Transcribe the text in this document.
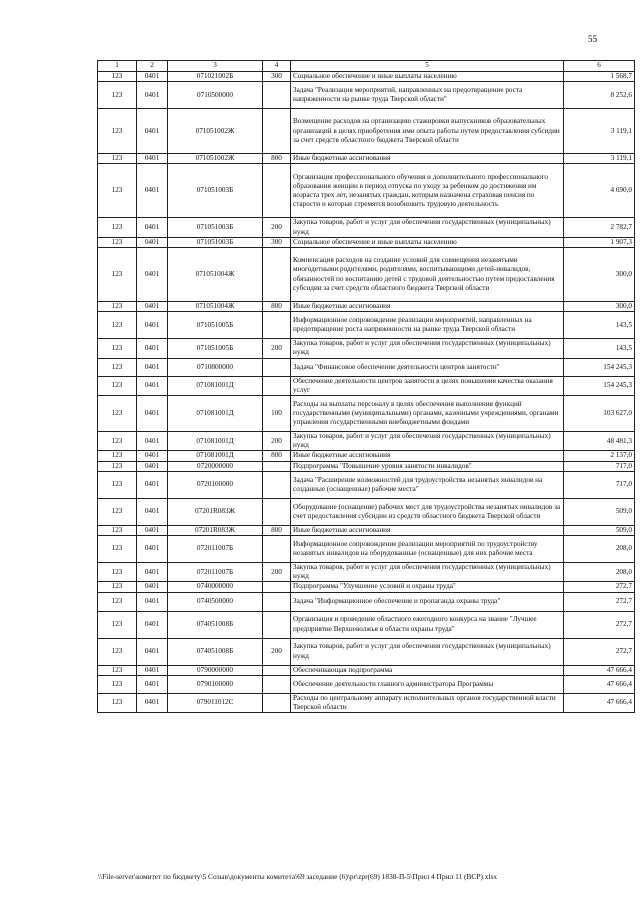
55
1	2	3	4	5	6
123	0401	071021002Б	300	Социальное обеспечение и иные выплаты населению	1 568,7
123	0401	0710500000		Задача "Реализация мероприятий, направленных на предотвращение роста напряженности на рынке труда Тверской области"	8 252,6
123	0401	071051002Ж		Возмещение расходов на организацию стажировки выпускников образовательных организаций в целях приобретения ими опыта работы путем предоставления субсидии за счет средств областного бюджета Тверской области	3 119,1
123	0401	071051002Ж	800	Иные бюджетные ассигнования	3 119,1
123	0401	071051003Б		Организация профессионального обучения и дополнительного профессионального образования женщин в период отпуска по уходу за ребенком до достижения им возраста трех лет, незанятых граждан, которым назначена страховая пенсия по старости и которые стремятся возобновить трудовую деятельность	4 690,0
123	0401	071051003Б	200	Закупка товаров, работ и услуг для обеспечения государственных (муниципальных) нужд	2 782,7
123	0401	071051003Б	300	Социальное обеспечение и иные выплаты населению	1 907,3
123	0401	071051004Ж		Компенсация расходов на создание условий для совмещения незанятыми многодетными родителями, родителями, воспитывающими детей-инвалидов, обязанностей по воспитанию детей с трудовой деятельностью путем предоставления субсидии за счет средств областного бюджета Тверской области	300,0
123	0401	071051004Ж	800	Иные бюджетные ассигнования	300,0
123	0401	071051005Б		Информационное сопровождение реализации мероприятий, направленных на предотвращение роста напряженности на рынке труда Тверской области	143,5
123	0401	071051005Б	200	Закупка товаров, работ и услуг для обеспечения государственных (муниципальных) нужд	143,5
123	0401	0710800000		Задача "Финансовое обеспечение деятельности центров занятости"	154 245,3
123	0401	071081001Д		Обеспечение деятельности центров занятости в целях повышения качества оказания услуг	154 245,3
123	0401	071081001Д	100	Расходы на выплаты персоналу в целях обеспечения выполнения функций государственными (муниципальными) органами, казенными учреждениями, органами управления государственными внебюджетными фондами	103 627,0
123	0401	071081001Д	200	Закупка товаров, работ и услуг для обеспечения государственных (муниципальных) нужд	48 481,3
123	0401	071081001Д	800	Иные бюджетные ассигнования	2 137,0
123	0401	0720000000		Подпрограмма "Повышение уровня занятости инвалидов"	717,0
123	0401	0720100000		Задача "Расширение возможностей для трудоустройства незанятых инвалидов на созданные (оснащенные) рабочие места"	717,0
123	0401	07201R083Ж		Оборудование (оснащение) рабочих мест для трудоустройства незанятых инвалидов за счет предоставления субсидии из средств областного бюджета Тверской области	509,0
123	0401	07201R083Ж	800	Иные бюджетные ассигнования	509,0
123	0401	072011007Б		Информационное сопровождение реализации мероприятий по трудоустройству незанятых инвалидов на оборудованные (оснащенные) для них рабочие места	208,0
123	0401	072011007Б	200	Закупка товаров, работ и услуг для обеспечения государственных (муниципальных) нужд	208,0
123	0401	0740000000		Подпрограмма "Улучшение условий и охраны труда"	272,7
123	0401	0740500000		Задача "Информационное обеспечение и пропаганда охраны труда"	272,7
123	0401	074051008Б		Организация и проведение областного ежегодного конкурса на звание "Лучшее предприятие Верхневолжья в области охраны труда"	272,7
123	0401	074051008Б	200	Закупка товаров, работ и услуг для обеспечения государственных (муниципальных) нужд	272,7
123	0401	0790000000		Обеспечивающая подпрограмма	47 666,4
123	0401	0790100000		Обеспечение деятельности главного администратора Программы	47 666,4
123	0401	079011012С		Расходы по центральному аппарату исполнительных органов государственной власти Тверской области	47 666,4
\\File-server\комитет по бюджету\5 Созыв\документы комитета\69 заседание (6)\pr\zpr(69) 1838-П-5\Прил 4 Прил 11 (ВСР).xlsx
